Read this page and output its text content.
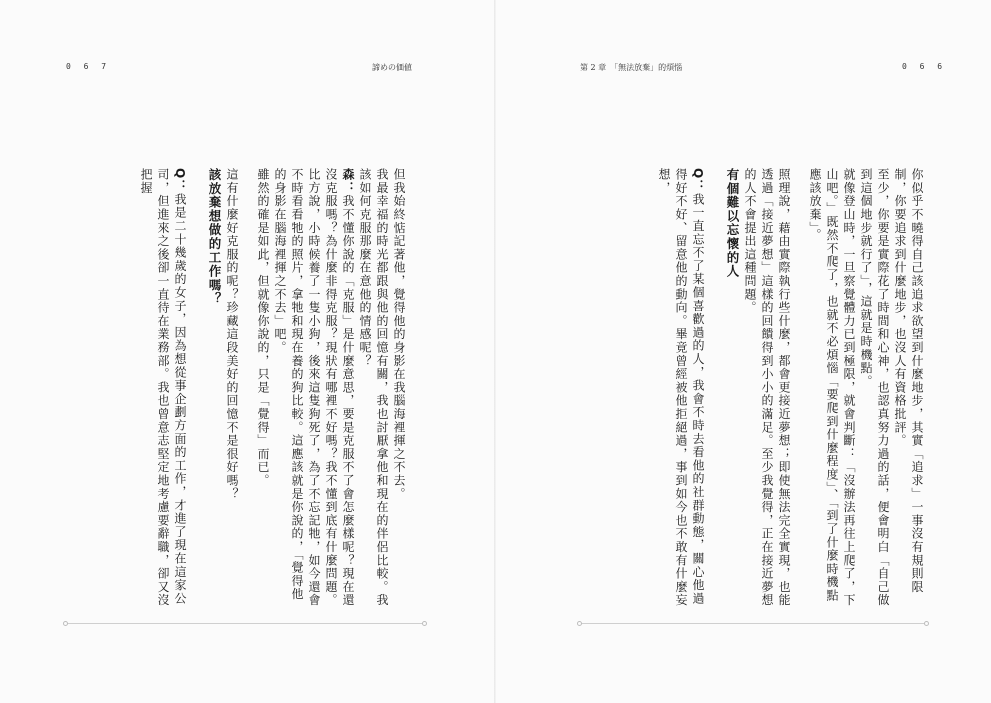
0 6 7	諦めの価値

但我始終惦記著他，覺得他的身影在我腦海裡揮之不去。

我最幸福的時光都跟與他的回憶有關，我也討厭拿他和現在的伴侶比較。我該如何克服那麼在意他的情感呢？

森：我不懂你說的「克服」是什麼意思，要是克服不了會怎麼樣呢？現在還沒克服嗎？為什麼非得克服？現狀有哪裡不好嗎？我不懂到底有什麼問題。

比方說，小時候養了一隻小狗，後來這隻狗死了，為了不忘記牠，如今還會不時看看牠的照片，拿牠和現在養的狗比較。這應該就是你說的，「覺得他的身影在腦海裡揮之不去」吧。

雖然的確是如此，但就像你說的，只是「覺得」而已。

這有什麼好克服的呢？珍藏這段美好的回憶不是很好嗎？

該放棄想做的工作嗎？

Q：我是二十幾歲的女子，因為想從事企劃方面的工作，才進了現在這家公司，但進來之後卻一直待在業務部。我也曾意志堅定地考慮要辭職，卻又沒把握

第 2 章　「無法放棄」的煩惱	0 6 6

你似乎不曉得自己該追求欲望到什麼地步，其實「追求」一事沒有規則限制，你要追求到什麼地步，也沒人有資格批評。

至少，你要是實際花了時間和心神，也認真努力過的話，便會明白「自己做到這個地步就行了」，這就是時機點。

就像登山時，一旦察覺體力已到極限，就會判斷：「沒辦法再往上爬了，下山吧。」既然不爬了，也就不必煩惱「要爬到什麼程度」、「到了什麼時機點應該放棄」。

照理說，藉由實際執行些什麼，都會更接近夢想；即使無法完全實現，也能透過「接近夢想」這樣的回饋得到小小的滿足。至少我覺得，正在接近夢想的人不會提出這種問題。

有個難以忘懷的人

Q：我一直忘不了某個喜歡過的人，我會不時去看他的社群動態，關心他過得好不好、留意他的動向。畢竟曾經被他拒絕過，事到如今也不敢有什麼妄想，
